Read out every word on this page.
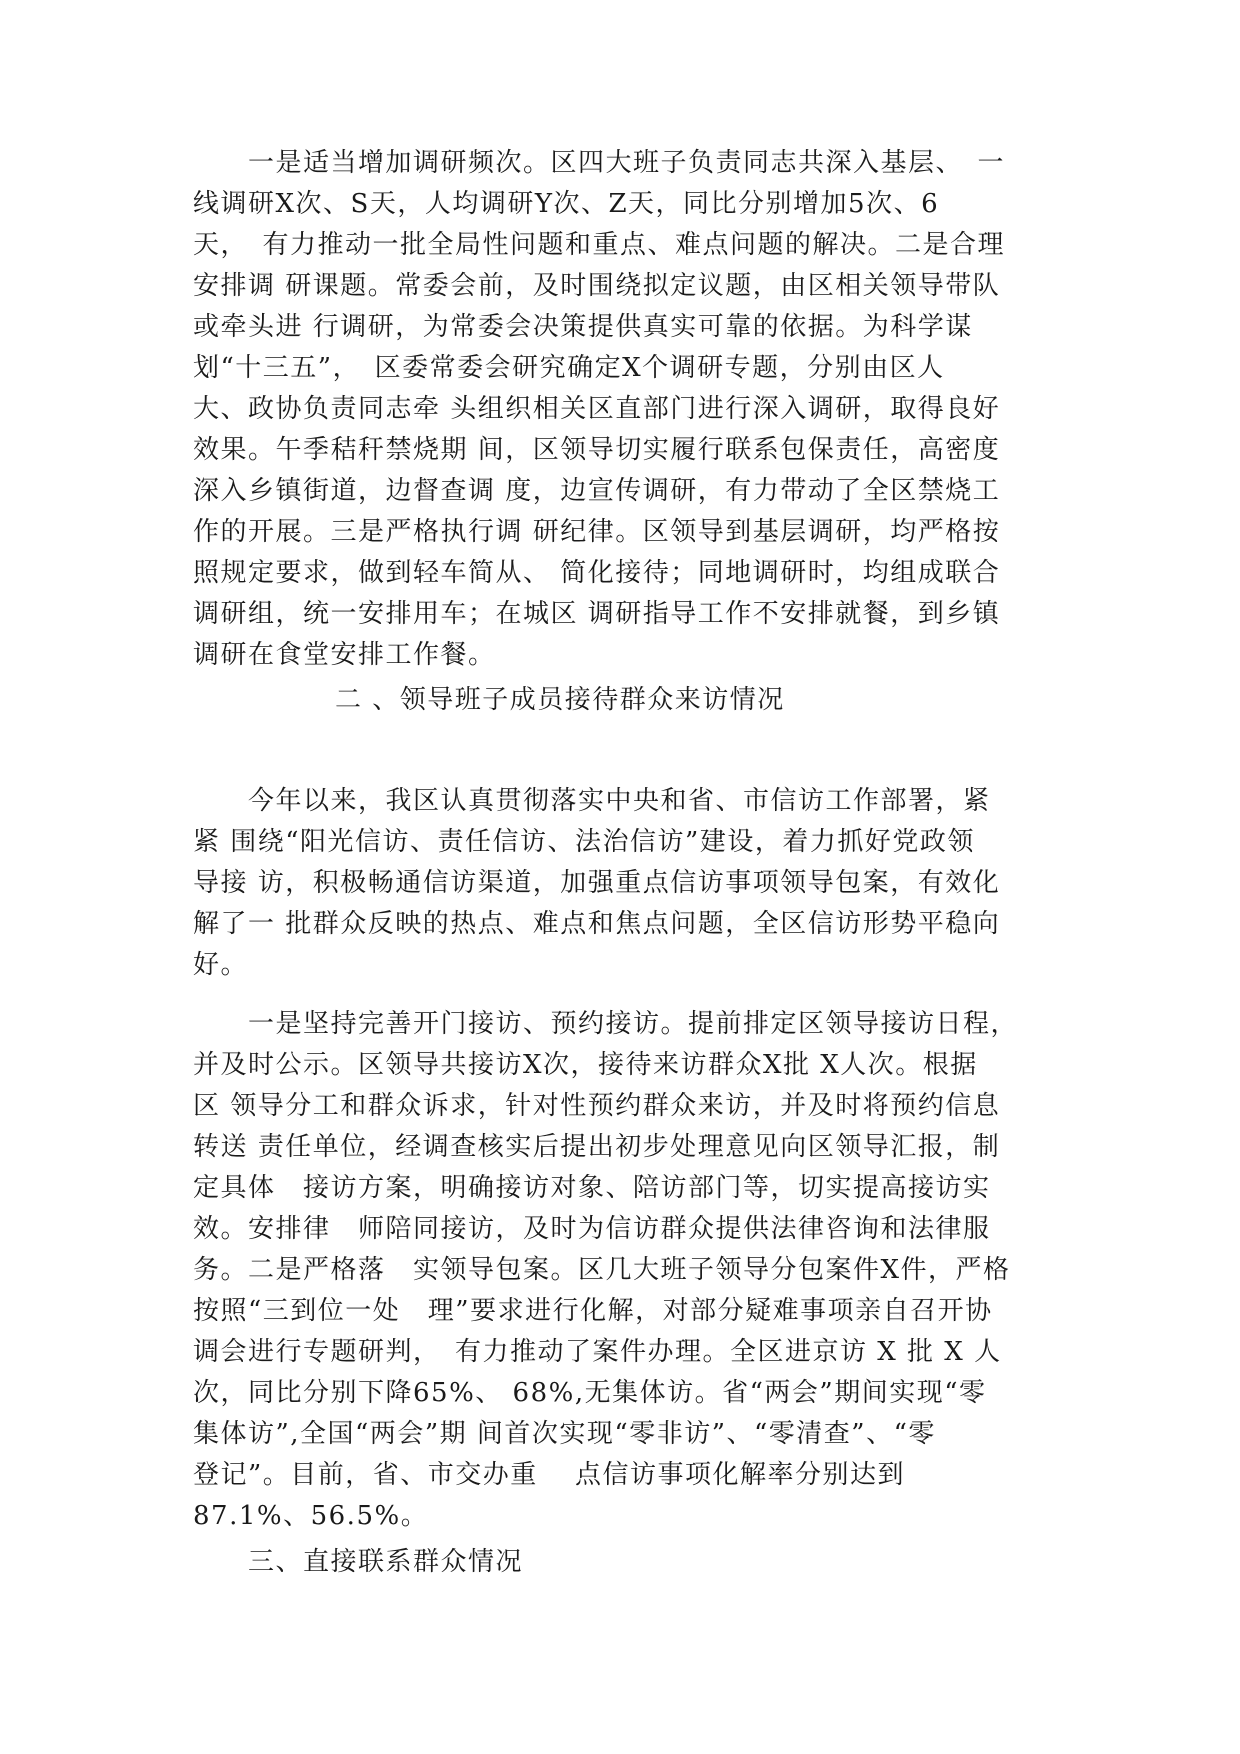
　　一是适当增加调研频次。区四大班子负责同志共深入基层、　一
线调研X次、S天，人均调研Y次、Z天，同比分别增加5次、6
天，　有力推动一批全局性问题和重点、难点问题的解决。二是合理
安排调 研课题。常委会前，及时围绕拟定议题，由区相关领导带队
或牵头进 行调研，为常委会决策提供真实可靠的依据。为科学谋
划“十三五”，　区委常委会研究确定X个调研专题，分别由区人
大、政协负责同志牵 头组织相关区直部门进行深入调研，取得良好
效果。午季秸秆禁烧期 间，区领导切实履行联系包保责任，高密度
深入乡镇街道，边督查调 度，边宣传调研，有力带动了全区禁烧工
作的开展。三是严格执行调 研纪律。区领导到基层调研，均严格按
照规定要求，做到轻车简从、 简化接待；同地调研时，均组成联合
调研组，统一安排用车；在城区 调研指导工作不安排就餐，到乡镇
调研在食堂安排工作餐。
二 、领导班子成员接待群众来访情况
　　今年以来，我区认真贯彻落实中央和省、市信访工作部署，紧
紧 围绕“阳光信访、责任信访、法治信访”建设，着力抓好党政领
导接 访，积极畅通信访渠道，加强重点信访事项领导包案，有效化
解了一 批群众反映的热点、难点和焦点问题，全区信访形势平稳向
好。
　　一是坚持完善开门接访、预约接访。提前排定区领导接访日程，
并及时公示。区领导共接访X次，接待来访群众X批 X人次。根据
区 领导分工和群众诉求，针对性预约群众来访，并及时将预约信息
转送 责任单位，经调查核实后提出初步处理意见向区领导汇报，制
定具体　接访方案，明确接访对象、陪访部门等，切实提高接访实
效。安排律　师陪同接访，及时为信访群众提供法律咨询和法律服
务。二是严格落　实领导包案。区几大班子领导分包案件X件，严格
按照“三到位一处　理”要求进行化解，对部分疑难事项亲自召开协
调会进行专题研判，　有力推动了案件办理。全区进京访 X 批 X 人
次，同比分别下降65%、 68%,无集体访。省“两会”期间实现“零
集体访”,全国“两会”期 间首次实现“零非访”、“零清查”、“零
登记”。目前，省、市交办重　 点信访事项化解率分别达到
87.1%、56.5%。
　　三、直接联系群众情况
